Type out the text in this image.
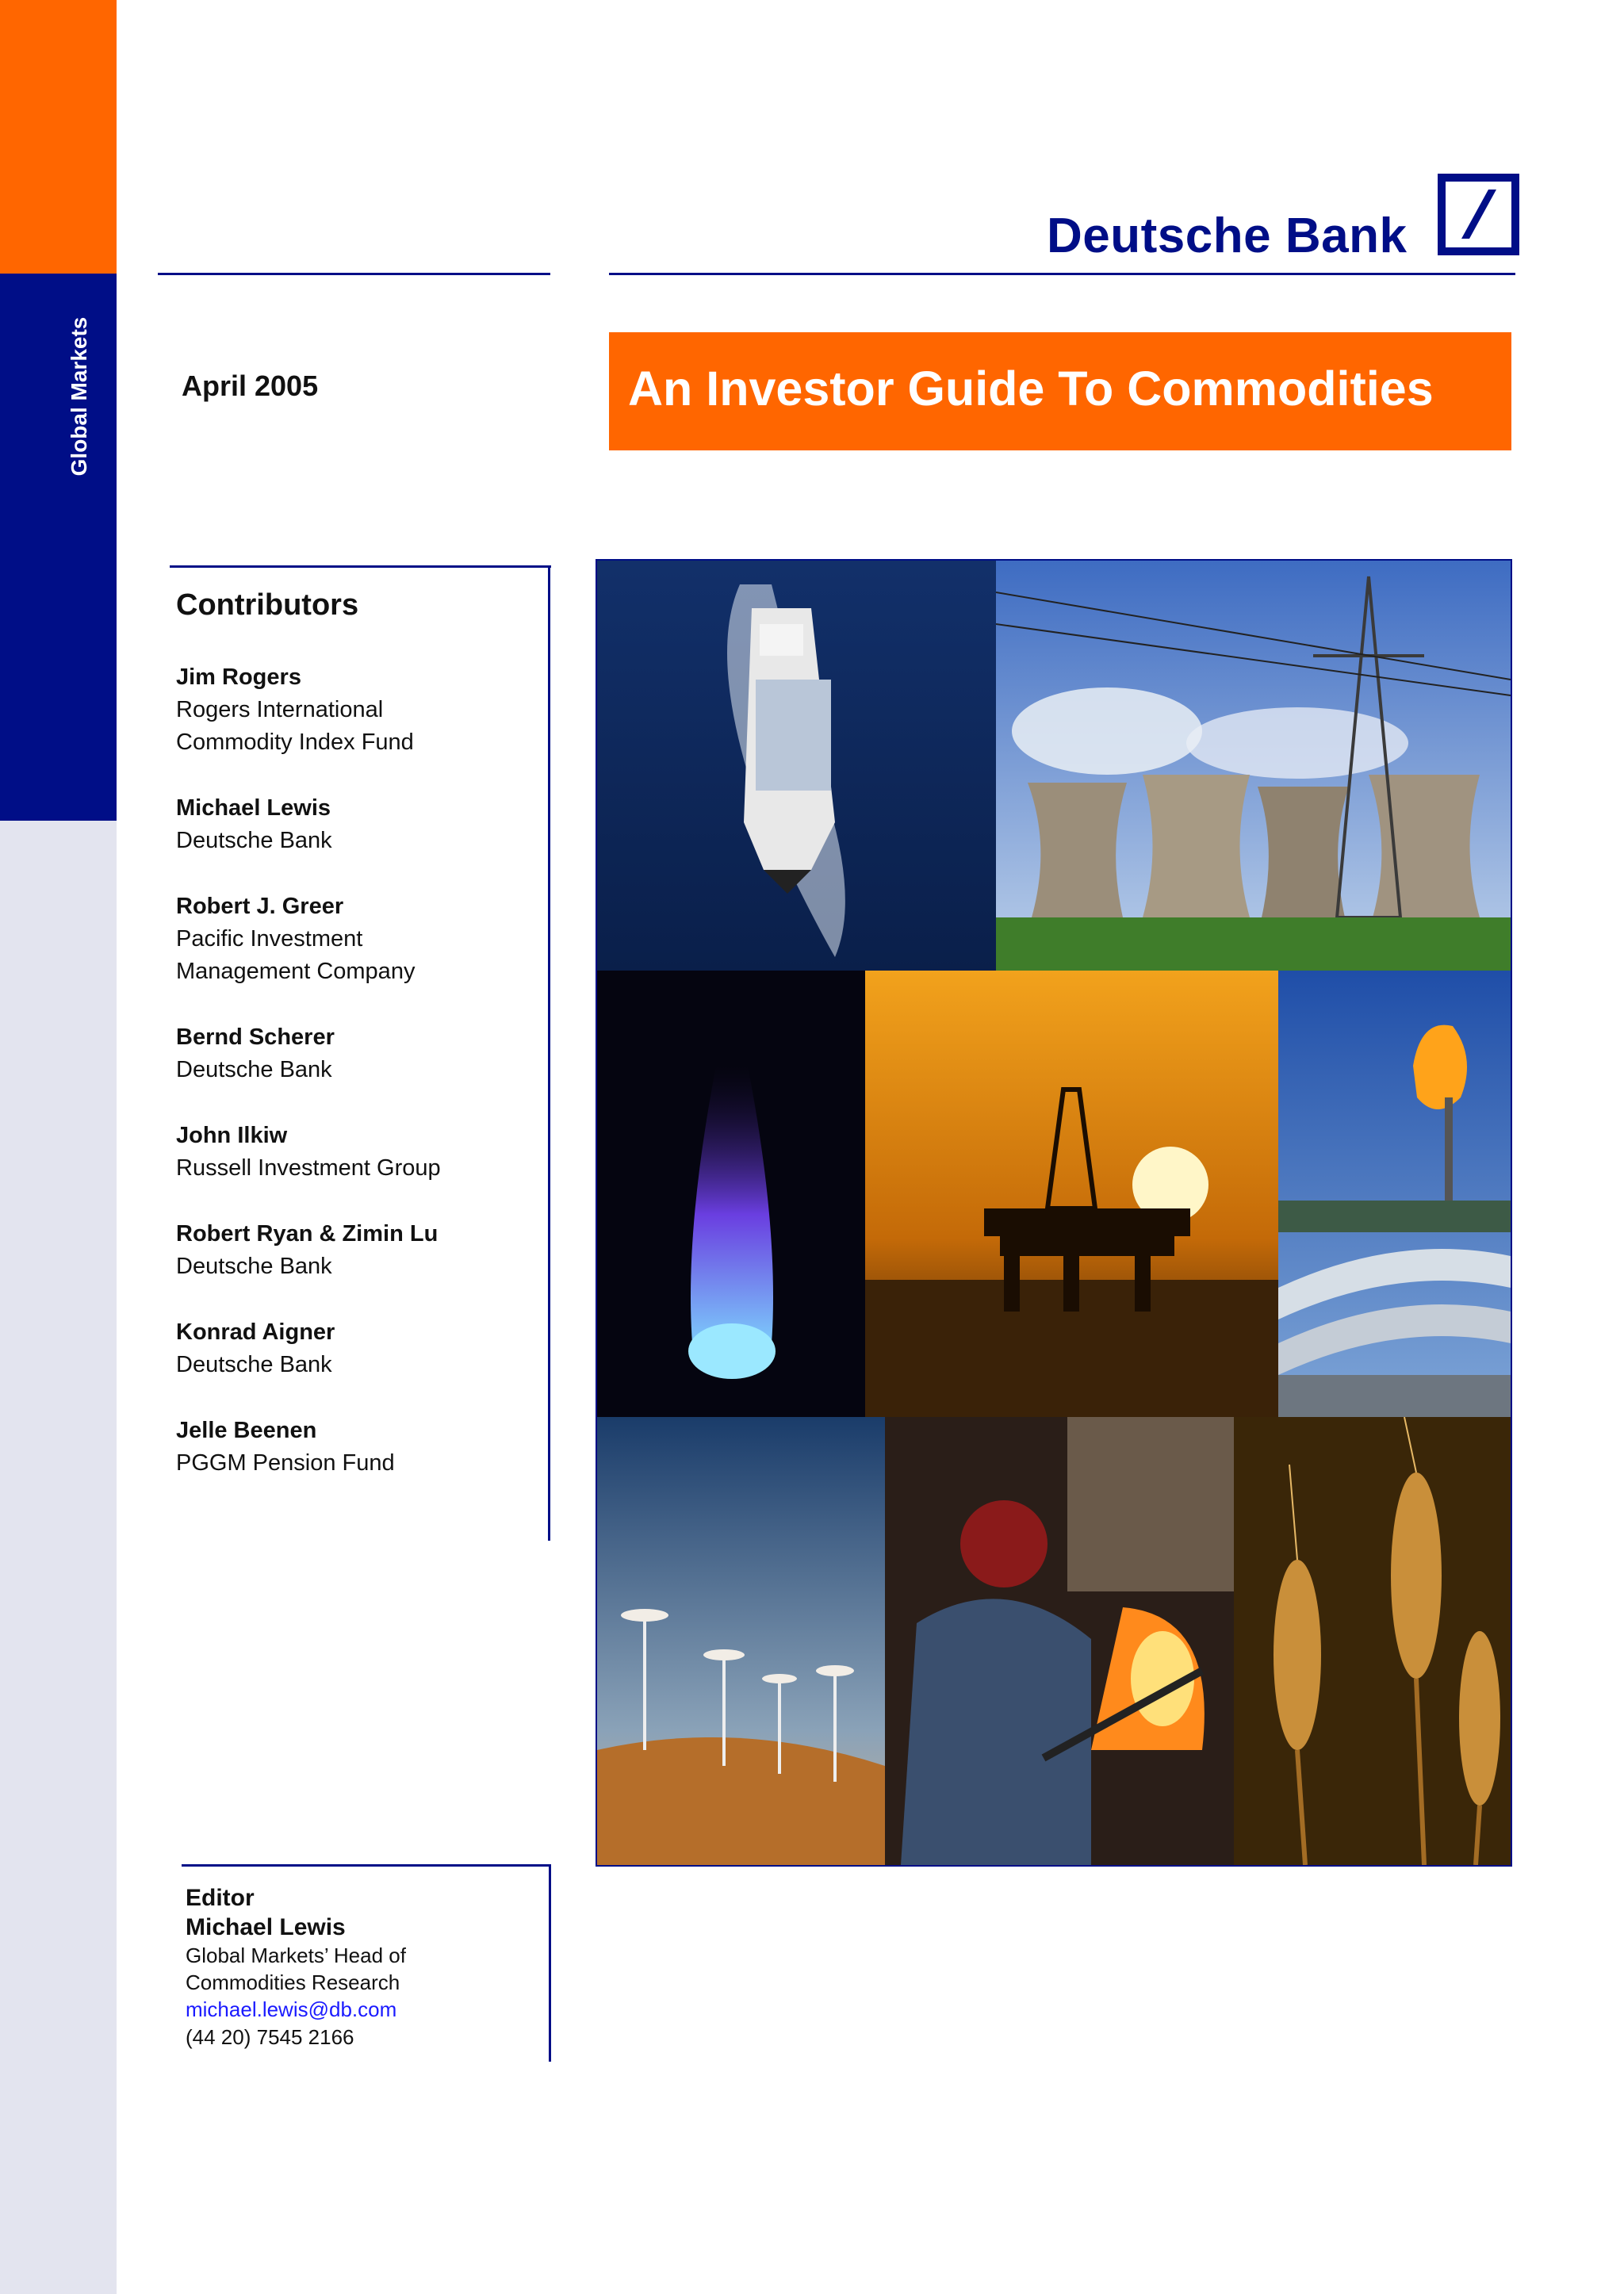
Global Markets
Deutsche Bank
April 2005	An Investor Guide To Commodities
Contributors
Jim Rogers
Rogers International
Commodity Index Fund
Michael Lewis
Deutsche Bank
Robert J. Greer
Pacific Investment
Management Company
Bernd Scherer
Deutsche Bank
John Ilkiw
Russell Investment Group
Robert Ryan & Zimin Lu
Deutsche Bank
Konrad Aigner
Deutsche Bank
Jelle Beenen
PGGM Pension Fund
Editor
Michael Lewis
Global Markets’ Head of
Commodities Research
michael.lewis@db.com
(44 20) 7545 2166
